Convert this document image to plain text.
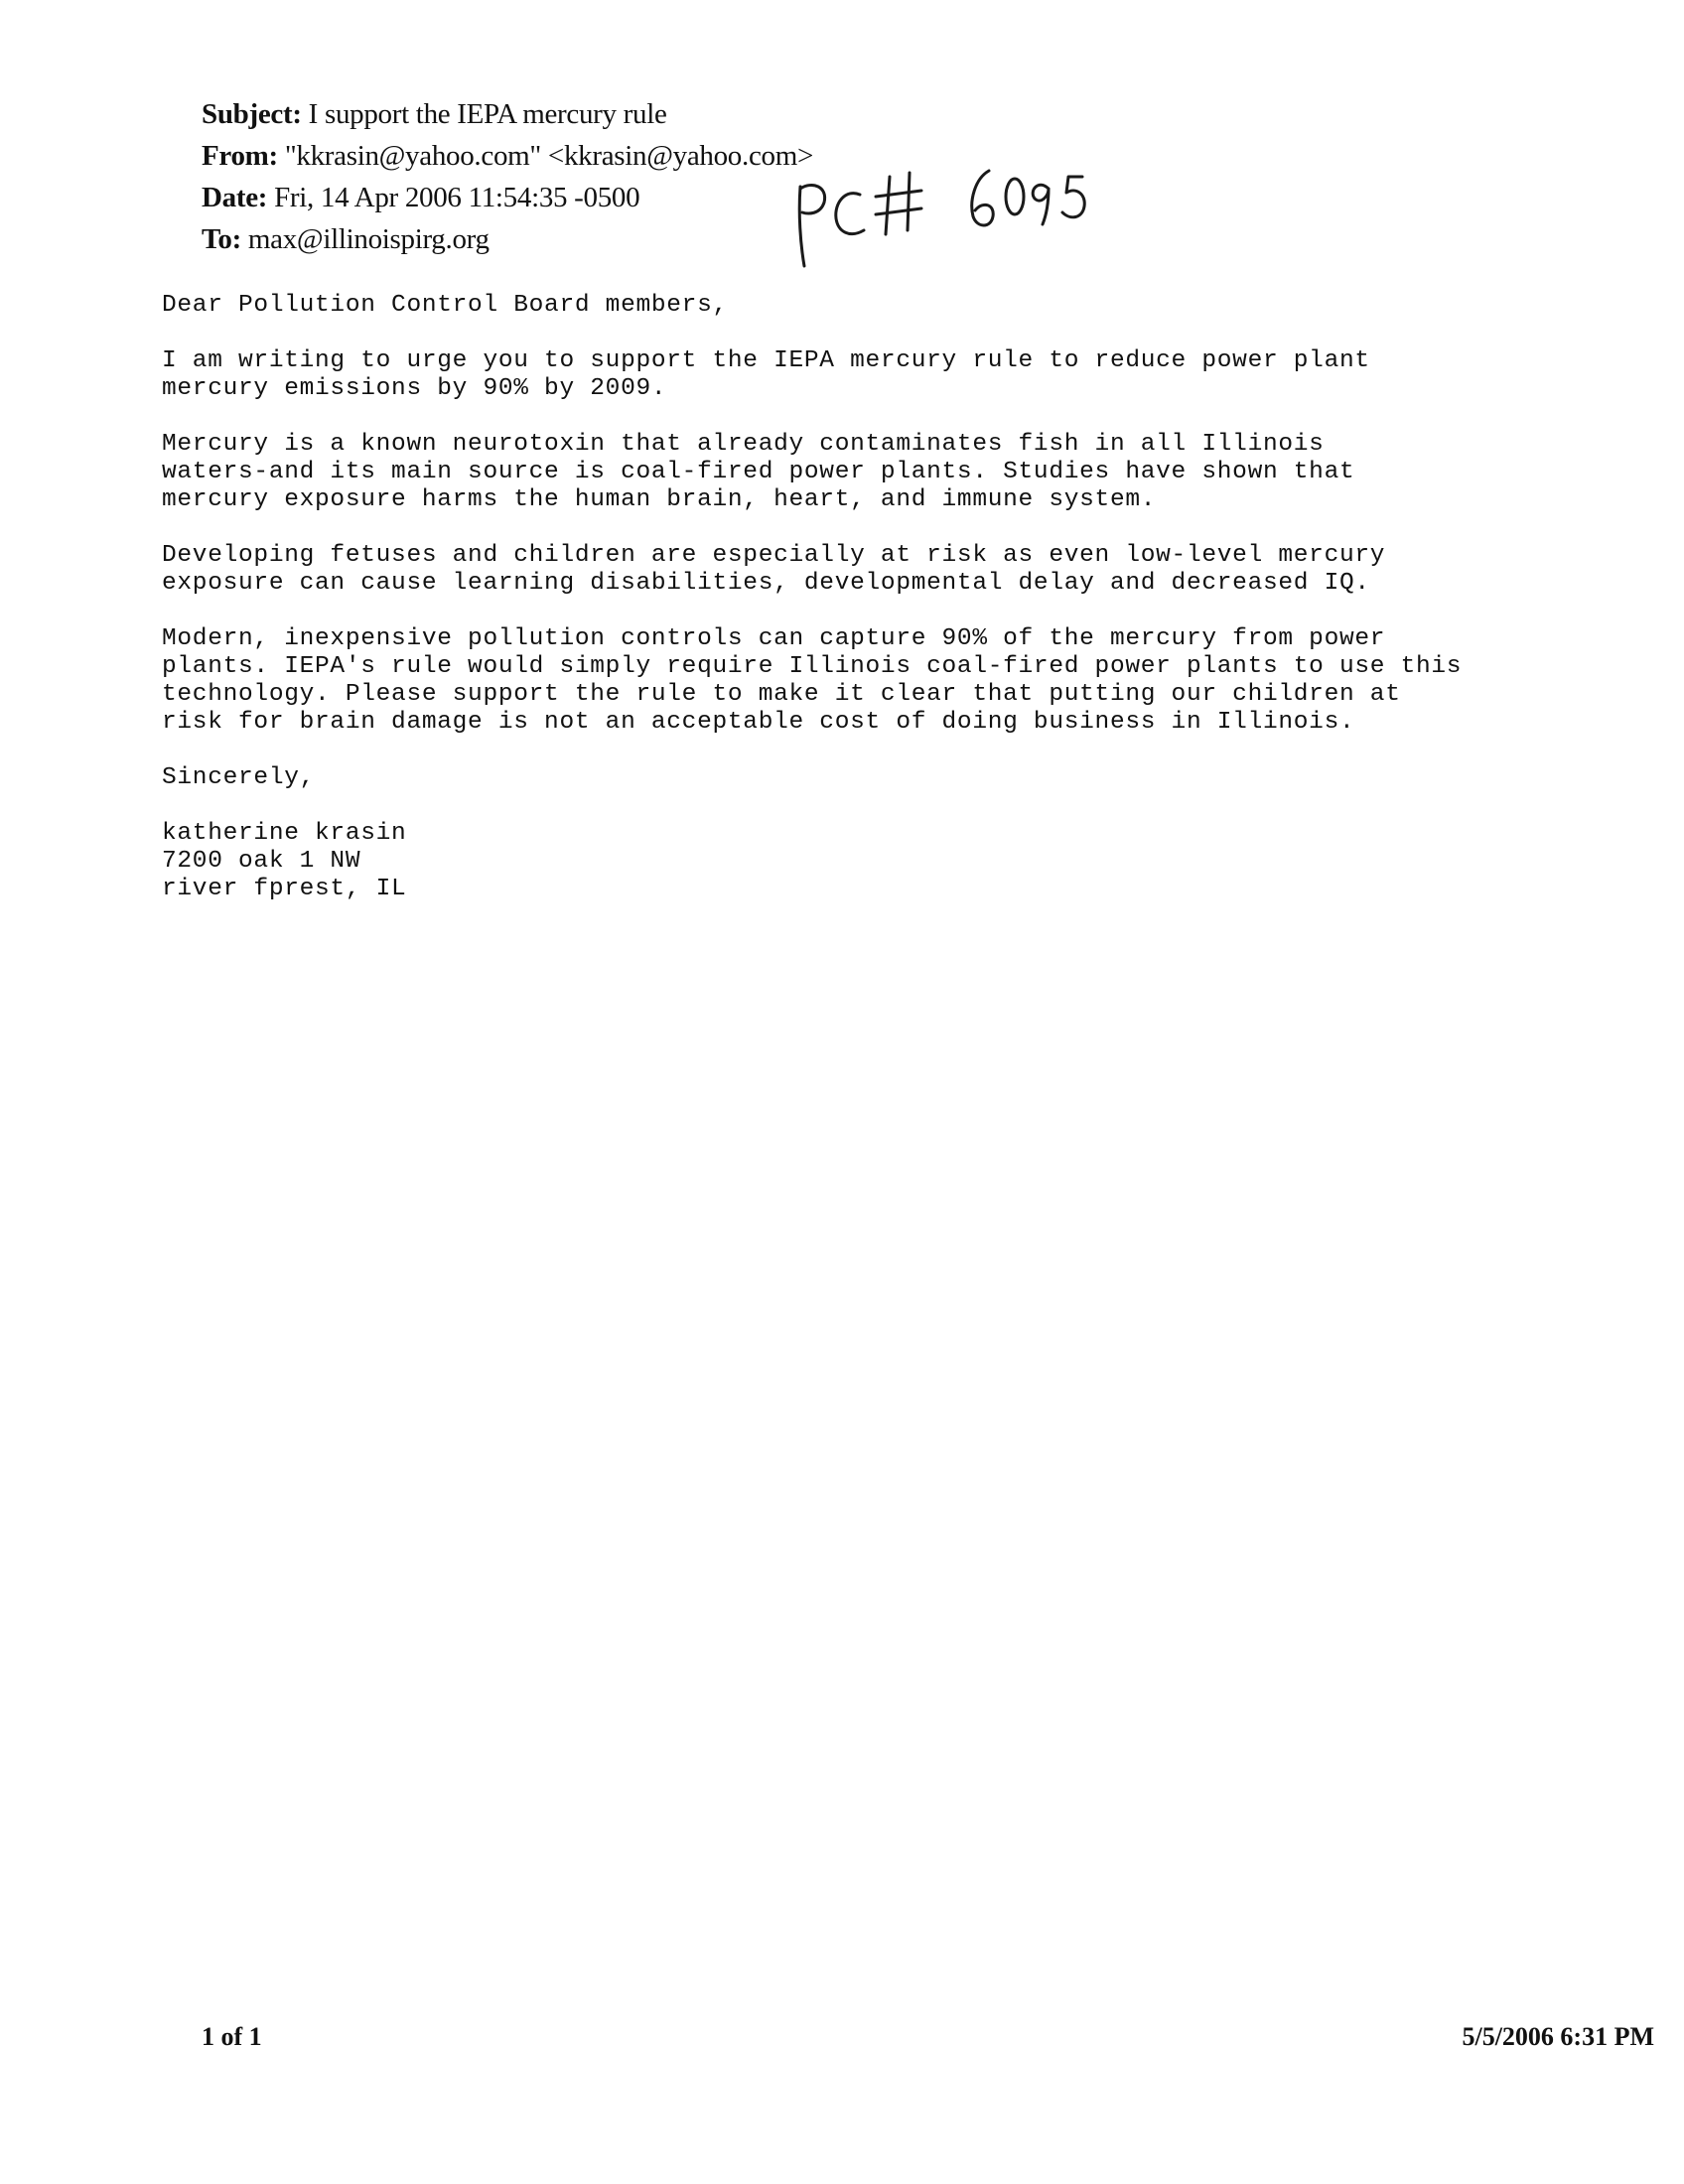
Subject: I support the IEPA mercury rule
From: "kkrasin@yahoo.com" <kkrasin@yahoo.com>
Date: Fri, 14 Apr 2006 11:54:35 -0500
To: max@illinoispirg.org

Dear Pollution Control Board members,

I am writing to urge you to support the IEPA mercury rule to reduce power plant
mercury emissions by 90% by 2009.

Mercury is a known neurotoxin that already contaminates fish in all Illinois
waters-and its main source is coal-fired power plants. Studies have shown that
mercury exposure harms the human brain, heart, and immune system.

Developing fetuses and children are especially at risk as even low-level mercury
exposure can cause learning disabilities, developmental delay and decreased IQ.

Modern, inexpensive pollution controls can capture 90% of the mercury from power
plants. IEPA's rule would simply require Illinois coal-fired power plants to use this
technology. Please support the rule to make it clear that putting our children at
risk for brain damage is not an acceptable cost of doing business in Illinois.

Sincerely,

katherine krasin
7200 oak 1 NW
river fprest, IL
1 of 1	5/5/2006 6:31 PM
